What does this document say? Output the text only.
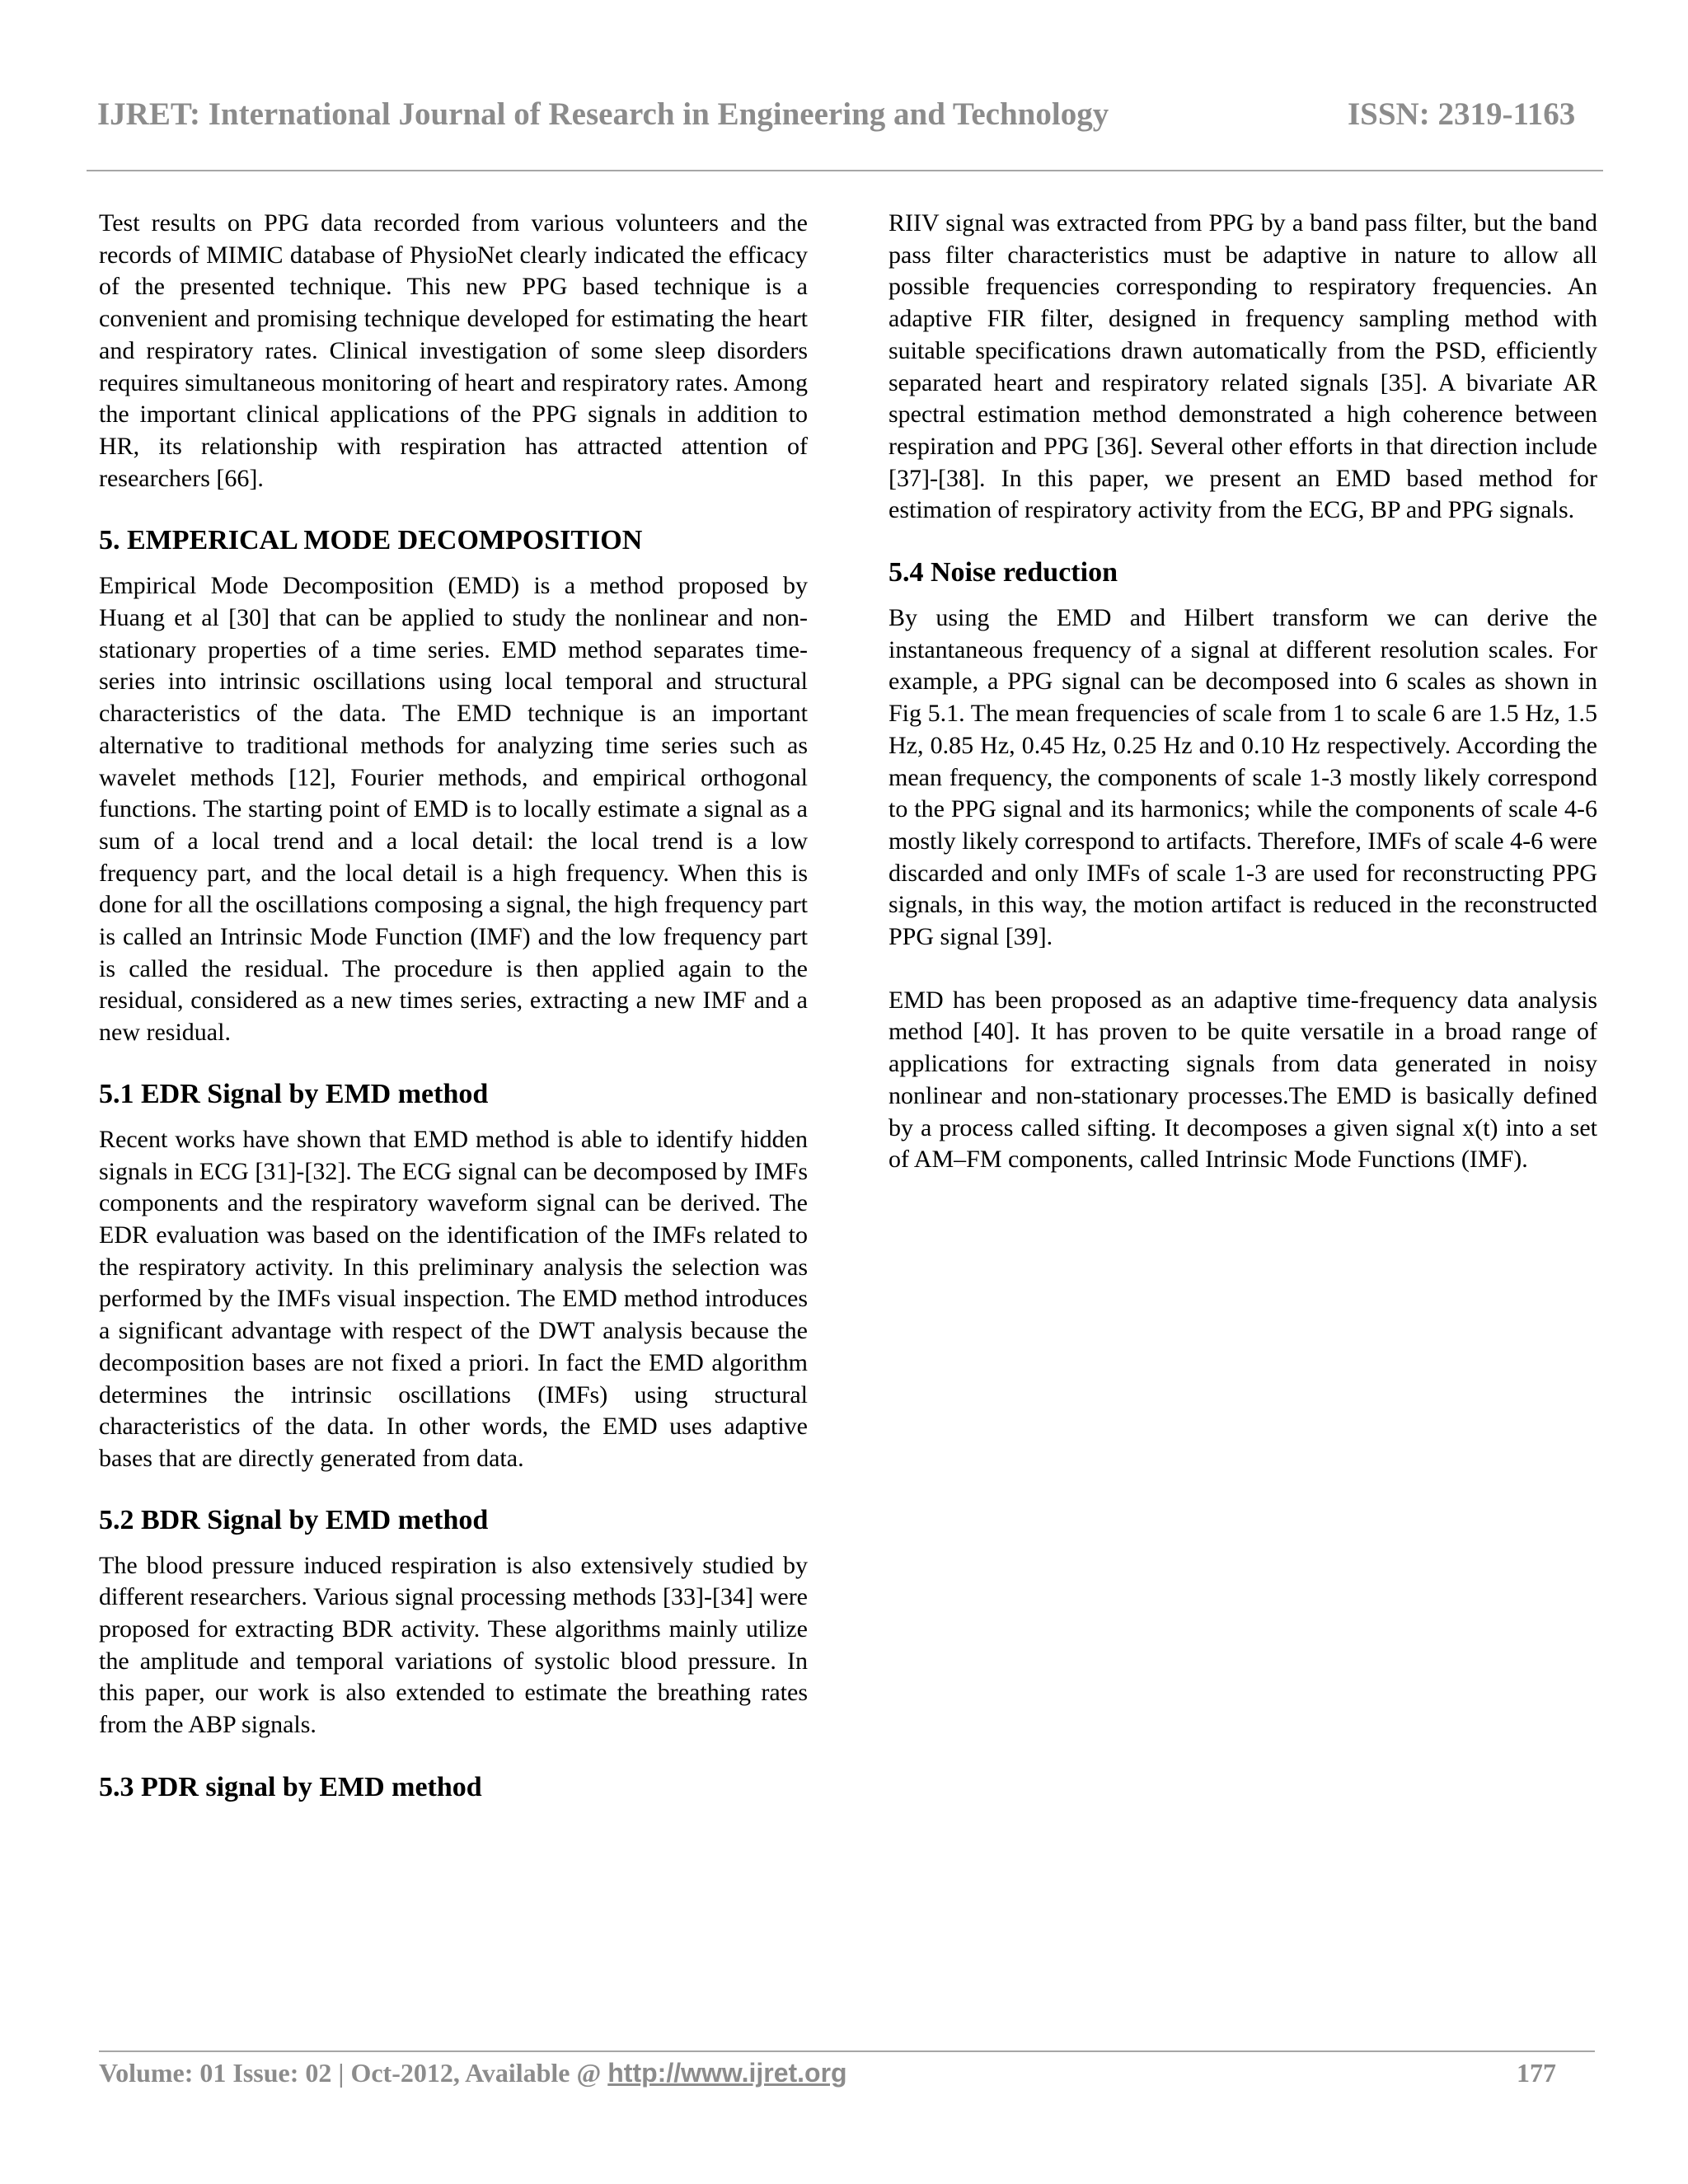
IJRET: International Journal of Research in Engineering and Technology	ISSN: 2319-1163

Test results on PPG data recorded from various volunteers and the records of MIMIC database of PhysioNet clearly indicated the efficacy of the presented technique. This new PPG based technique is a convenient and promising technique developed for estimating the heart and respiratory rates. Clinical investigation of some sleep disorders requires simultaneous monitoring of heart and respiratory rates. Among the important clinical applications of the PPG signals in addition to HR, its relationship with respiration has attracted attention of researchers [66].

5. EMPERICAL MODE DECOMPOSITION

Empirical Mode Decomposition (EMD) is a method proposed by Huang et al [30] that can be applied to study the nonlinear and non-stationary properties of a time series. EMD method separates time-series into intrinsic oscillations using local temporal and structural characteristics of the data. The EMD technique is an important alternative to traditional methods for analyzing time series such as wavelet methods [12], Fourier methods, and empirical orthogonal functions. The starting point of EMD is to locally estimate a signal as a sum of a local trend and a local detail: the local trend is a low frequency part, and the local detail is a high frequency. When this is done for all the oscillations composing a signal, the high frequency part is called an Intrinsic Mode Function (IMF) and the low frequency part is called the residual. The procedure is then applied again to the residual, considered as a new times series, extracting a new IMF and a new residual.

5.1 EDR Signal by EMD method

Recent works have shown that EMD method is able to identify hidden signals in ECG [31]-[32]. The ECG signal can be decomposed by IMFs components and the respiratory waveform signal can be derived. The EDR evaluation was based on the identification of the IMFs related to the respiratory activity. In this preliminary analysis the selection was performed by the IMFs visual inspection. The EMD method introduces a significant advantage with respect of the DWT analysis because the decomposition bases are not fixed a priori. In fact the EMD algorithm determines the intrinsic oscillations (IMFs) using structural characteristics of the data. In other words, the EMD uses adaptive bases that are directly generated from data.

5.2 BDR Signal by EMD method

The blood pressure induced respiration is also extensively studied by different researchers. Various signal processing methods [33]-[34] were proposed for extracting BDR activity. These algorithms mainly utilize the amplitude and temporal variations of systolic blood pressure. In this paper, our work is also extended to estimate the breathing rates from the ABP signals.

5.3 PDR signal by EMD method

RIIV signal was extracted from PPG by a band pass filter, but the band pass filter characteristics must be adaptive in nature to allow all possible frequencies corresponding to respiratory frequencies. An adaptive FIR filter, designed in frequency sampling method with suitable specifications drawn automatically from the PSD, efficiently separated heart and respiratory related signals [35]. A bivariate AR spectral estimation method demonstrated a high coherence between respiration and PPG [36]. Several other efforts in that direction include [37]-[38]. In this paper, we present an EMD based method for estimation of respiratory activity from the ECG, BP and PPG signals.

5.4 Noise reduction

By using the EMD and Hilbert transform we can derive the instantaneous frequency of a signal at different resolution scales. For example, a PPG signal can be decomposed into 6 scales as shown in Fig 5.1. The mean frequencies of scale from 1 to scale 6 are 1.5 Hz, 1.5 Hz, 0.85 Hz, 0.45 Hz, 0.25 Hz and 0.10 Hz respectively. According the mean frequency, the components of scale 1-3 mostly likely correspond to the PPG signal and its harmonics; while the components of scale 4-6 mostly likely correspond to artifacts. Therefore, IMFs of scale 4-6 were discarded and only IMFs of scale 1-3 are used for reconstructing PPG signals, in this way, the motion artifact is reduced in the reconstructed PPG signal [39].

EMD has been proposed as an adaptive time-frequency data analysis method [40]. It has proven to be quite versatile in a broad range of applications for extracting signals from data generated in noisy nonlinear and non-stationary processes.The EMD is basically defined by a process called sifting. It decomposes a given signal x(t) into a set of AM–FM components, called Intrinsic Mode Functions (IMF).

Volume: 01 Issue: 02 | Oct-2012, Available @ http://www.ijret.org	177
